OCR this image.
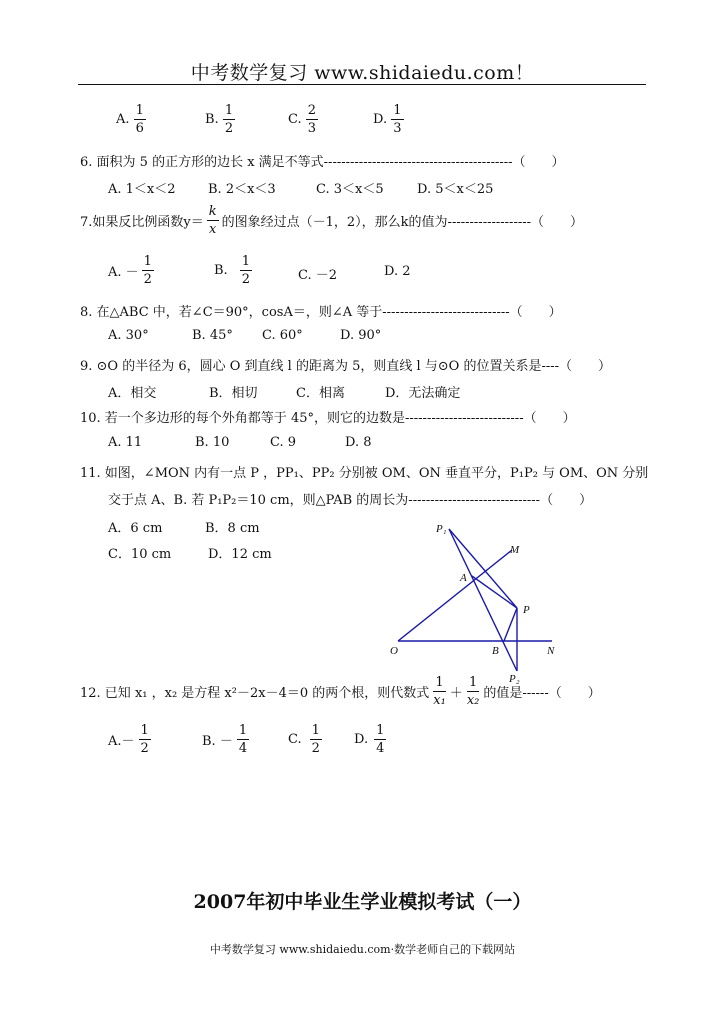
中考数学复习 www.shidaiedu.com！
A. $\frac{1}{6}$	B. $\frac{1}{2}$	C. $\frac{2}{3}$	D. $\frac{1}{3}$
6. 面积为 5 的正方形的边长 x 满足不等式-------------------------------------------（　　）
A. 1＜x＜2 B. 2＜x＜3	C. 3＜x＜5	D. 5＜x＜25
7.如果反比例函数$y= \frac{k}{x}$ 的图象经过点（－1，2），那么k的值为-------------------（　　）
A. － $\frac{1}{2}$	B. $\frac{1}{2}$	C. －2	D. 2
8. 在△ABC 中，若∠C＝90°，cosA＝，则∠A 等于-----------------------------（　　）
A. 30°	B. 45° C. 60°	D. 90°
9. ⊙O 的半径为 6，圆心 O 到直线 l 的距离为 5，则直线 l 与⊙O 的位置关系是----（　　）
A．相交	B．相切	C．相离	D．无法确定
10. 若一个多边形的每个外角都等于 45°，则它的边数是---------------------------（　　）
A. 11	B. 10	C. 9	D. 8
11. 如图，∠MON 内有一点 P ，PP₁、PP₂ 分别被 OM、ON 垂直平分，P₁P₂ 与 OM、ON 分别
交于点 A、B. 若 P₁P₂＝10 cm，则△PAB 的周长为------------------------------（　　）
A．6 cm	B．8 cm
C．10 cm	D．12 cm
P₁
M
A
P
O	B	N
P₂
12. 已知 x₁ ，x₂ 是方程 x²－2x－4＝0 的两个根，则代数式 $\frac{1}{\text{x₁}} + \frac{1}{\text{x₂}}$ 的值是------（　　）
$A.- \frac{1}{2}$	B. － $\frac{1}{4}$	C. $\frac{1}{2} D$. $\frac{1}{4}$
2007年初中毕业生学业模拟考试（一）
中考数学复习 www.shidaiedu.com·数学老师自己的下载网站
